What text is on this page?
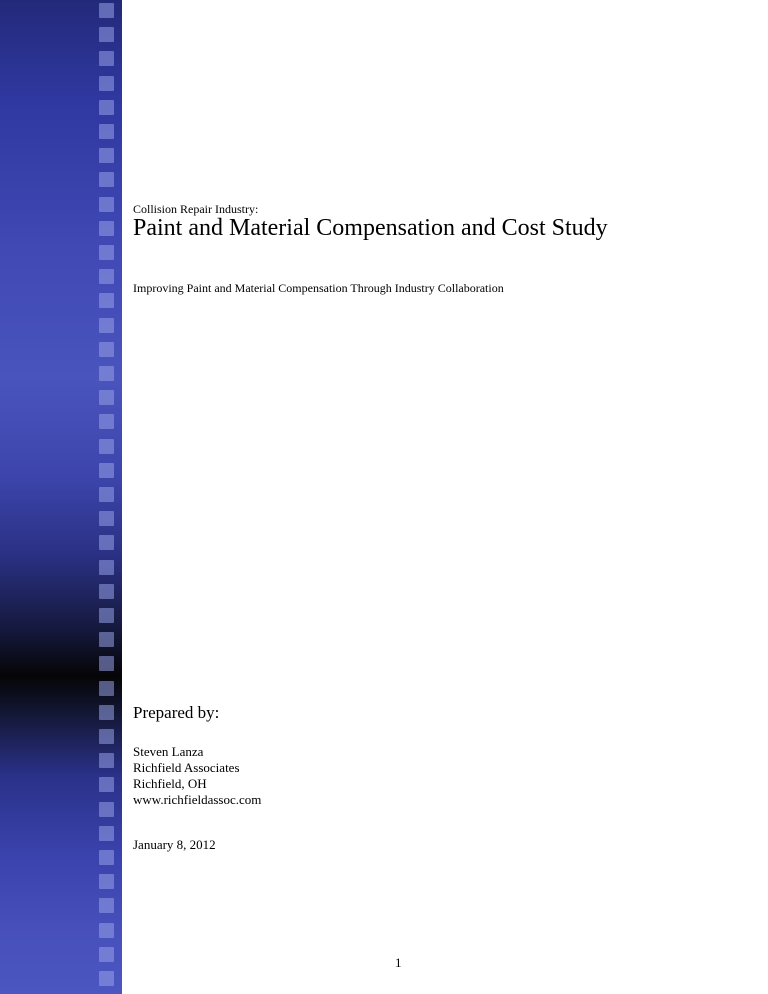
Collision Repair Industry:
Paint and Material Compensation and Cost Study
Improving Paint and Material Compensation Through Industry Collaboration
Prepared by:
Steven Lanza
Richfield Associates
Richfield, OH
www.richfieldassoc.com
January 8, 2012
1
